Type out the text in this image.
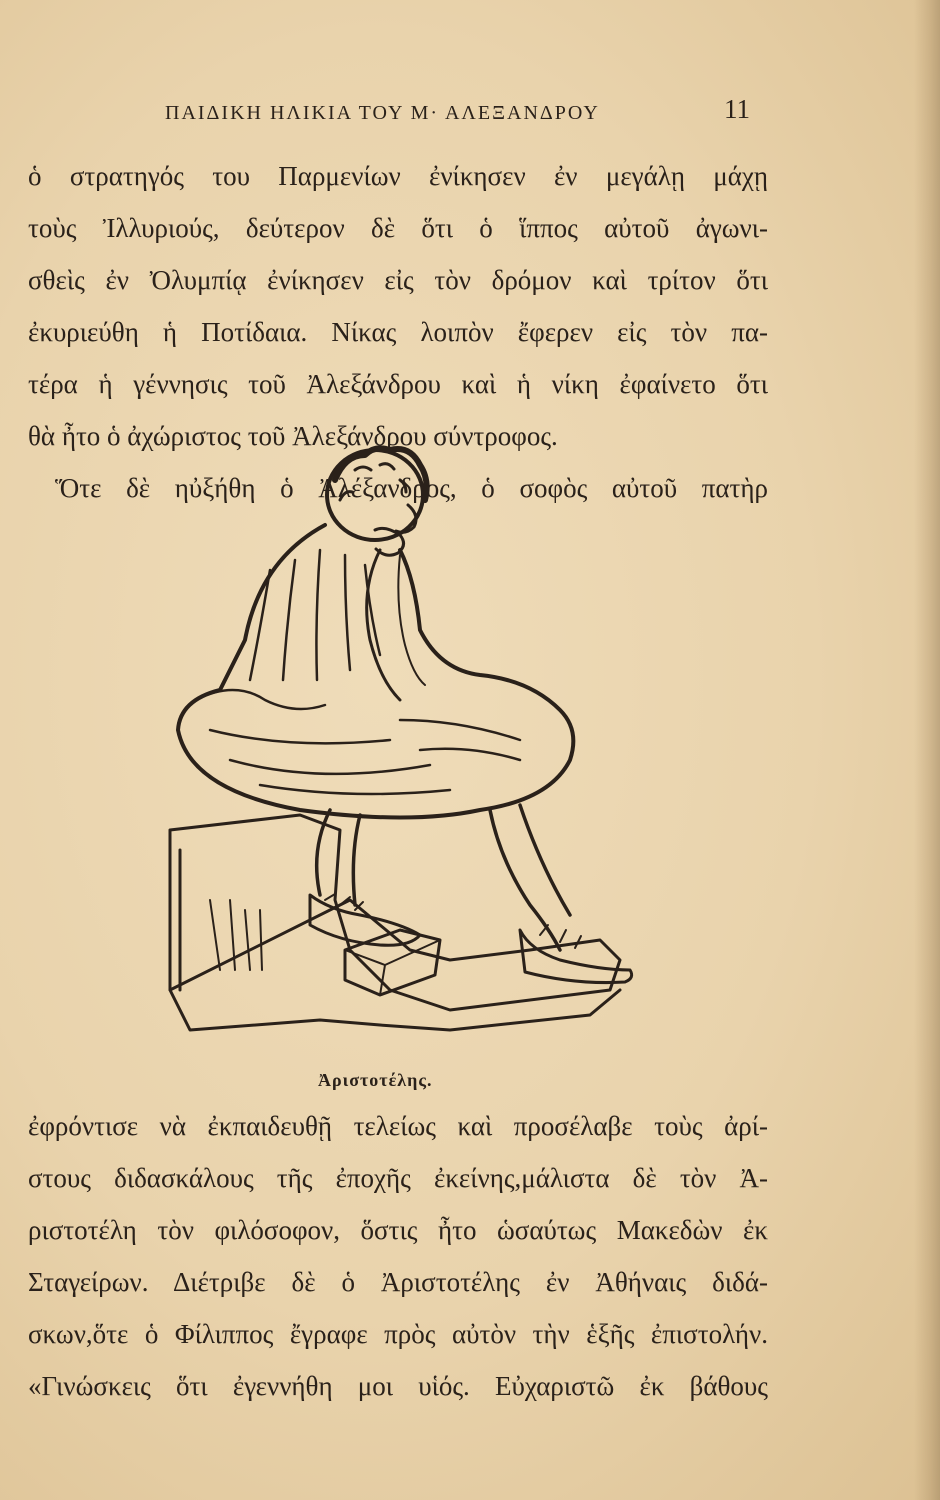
ΠΑΙΔΙΚΗ ΗΛΙΚΙΑ ΤΟΥ Μ· ΑΛΕΞΑΝΔΡΟΥ	11
ὁ στρατηγός του Παρμενίων ἐνίκησεν ἐν μεγάλῃ μάχῃ
τοὺς Ἰλλυριούς, δεύτερον δὲ ὅτι ὁ ἵππος αὐτοῦ ἀγωνι-
σθεὶς ἐν Ὀλυμπίᾳ ἐνίκησεν εἰς τὸν δρόμον καὶ τρίτον ὅτι
ἐκυριεύθη ἡ Ποτίδαια. Νίκας λοιπὸν ἔφερεν εἰς τὸν πα-
τέρα ἡ γέννησις τοῦ Ἀλεξάνδρου καὶ ἡ νίκη ἐφαίνετο ὅτι
θὰ ἦτο ὁ ἀχώριστος τοῦ Ἀλεξάνδρου σύντροφος.
Ὅτε δὲ ηὐξήθη ὁ Ἀλέξανδρος, ὁ σοφὸς αὐτοῦ πατὴρ
Ἀριστοτέλης.
ἐφρόντισε νὰ ἐκπαιδευθῇ τελείως καὶ προσέλαβε τοὺς ἀρί-
στους διδασκάλους τῆς ἐποχῆς ἐκείνης,μάλιστα δὲ τὸν Ἀ-
ριστοτέλη τὸν φιλόσοφον, ὅστις ἦτο ὡσαύτως Μακεδὼν ἐκ
Σταγείρων. Διέτριβε δὲ ὁ Ἀριστοτέλης ἐν Ἀθήναις διδά-
σκων,ὅτε ὁ Φίλιππος ἔγραφε πρὸς αὐτὸν τὴν ἑξῆς ἐπιστολήν.
«Γινώσκεις ὅτι ἐγεννήθη μοι υἱός. Εὐχαριστῶ ἐκ βάθους
